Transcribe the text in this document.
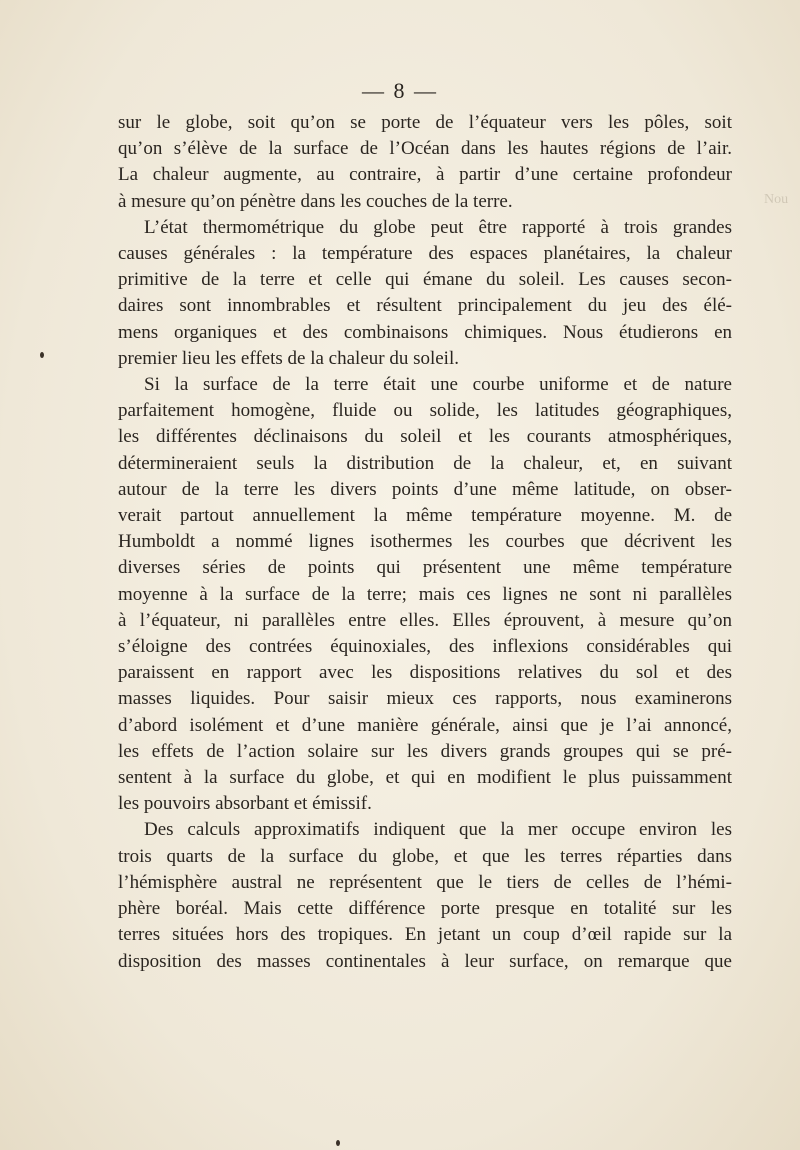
— 8 —
Nou
sur le globe, soit qu’on se porte de l’équateur vers les pôles, soit
qu’on s’élève de la surface de l’Océan dans les hautes régions de l’air.
La chaleur augmente, au contraire, à partir d’une certaine profondeur
à mesure qu’on pénètre dans les couches de la terre.
L’état thermométrique du globe peut être rapporté à trois grandes
causes générales : la température des espaces planétaires, la chaleur
primitive de la terre et celle qui émane du soleil. Les causes secon-
daires sont innombrables et résultent principalement du jeu des élé-
mens organiques et des combinaisons chimiques. Nous étudierons en
premier lieu les effets de la chaleur du soleil.
Si la surface de la terre était une courbe uniforme et de nature
parfaitement homogène, fluide ou solide, les latitudes géographiques,
les différentes déclinaisons du soleil et les courants atmosphériques,
détermineraient seuls la distribution de la chaleur, et, en suivant
autour de la terre les divers points d’une même latitude, on obser-
verait partout annuellement la même température moyenne. M. de
Humboldt a nommé lignes isothermes les courbes que décrivent les
diverses séries de points qui présentent une même température
moyenne à la surface de la terre; mais ces lignes ne sont ni parallèles
à l’équateur, ni parallèles entre elles. Elles éprouvent, à mesure qu’on
s’éloigne des contrées équinoxiales, des inflexions considérables qui
paraissent en rapport avec les dispositions relatives du sol et des
masses liquides. Pour saisir mieux ces rapports, nous examinerons
d’abord isolément et d’une manière générale, ainsi que je l’ai annoncé,
les effets de l’action solaire sur les divers grands groupes qui se pré-
sentent à la surface du globe, et qui en modifient le plus puissamment
les pouvoirs absorbant et émissif.
Des calculs approximatifs indiquent que la mer occupe environ les
trois quarts de la surface du globe, et que les terres réparties dans
l’hémisphère austral ne représentent que le tiers de celles de l’hémi-
phère boréal. Mais cette différence porte presque en totalité sur les
terres situées hors des tropiques. En jetant un coup d’œil rapide sur la
disposition des masses continentales à leur surface, on remarque que
